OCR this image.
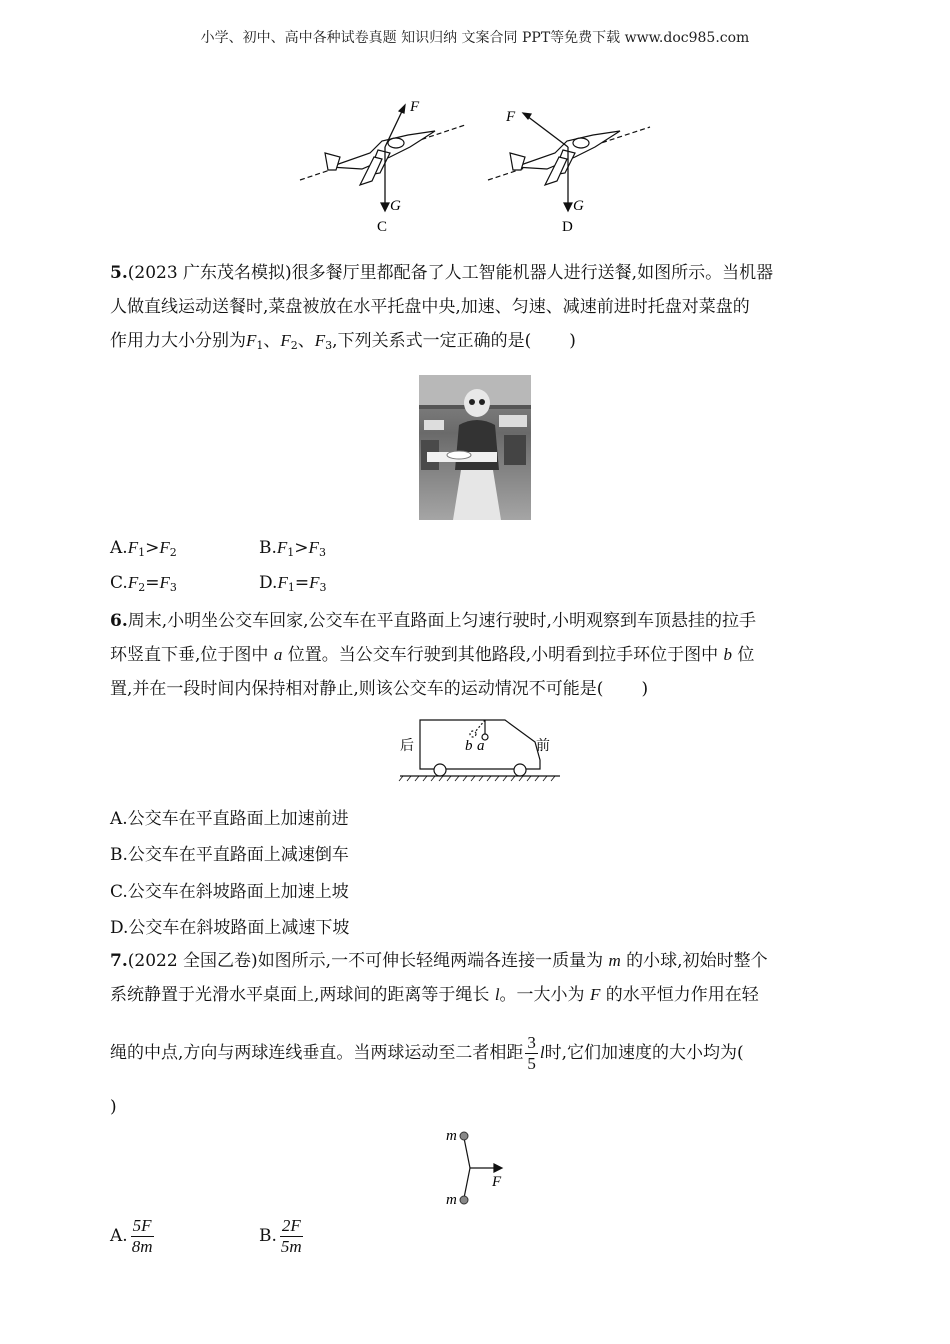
小学、初中、高中各种试卷真题 知识归纳 文案合同 PPT等免费下载 www.doc985.com
F
G
C
F
G
D
5.(2023 广东茂名模拟)很多餐厅里都配备了人工智能机器人进行送餐,如图所示。当机器
人做直线运动送餐时,菜盘被放在水平托盘中央,加速、匀速、减速前进时托盘对菜盘的
作用力大小分别为$F_1$、$F_2$、$F_3$,下列关系式一定正确的是( )
$A.F_1>F_2$	$B.F_1>F_3$
$C.F_2=F_3$	$D.F_1=F_3$
6.周末,小明坐公交车回家,公交车在平直路面上匀速行驶时,小明观察到车顶悬挂的拉手
环竖直下垂,位于图中 a 位置。当公交车行驶到其他路段,小明看到拉手环位于图中 b 位
置,并在一段时间内保持相对静止,则该公交车的运动情况不可能是( )
后	前
b a
A.公交车在平直路面上加速前进
B.公交车在平直路面上减速倒车
C.公交车在斜坡路面上加速上坡
D.公交车在斜坡路面上减速下坡
7.(2022 全国乙卷)如图所示,一不可伸长轻绳两端各连接一质量为 m 的小球,初始时整个
系统静置于光滑水平桌面上,两球间的距离等于绳长 l。一大小为 F 的水平恒力作用在轻
绳的中点,方向与两球连线垂直。当两球运动至二者相距 $\frac{3}{5}$ l时,它们加速度的大小均为(
)
m
m
F
A. $\frac{5F}{8m}$	B. $\frac{2F}{5m}$
